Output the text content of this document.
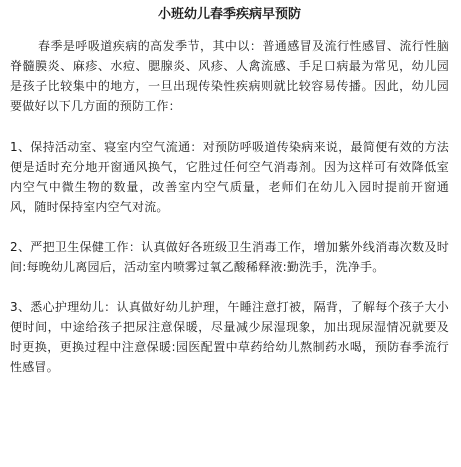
小班幼儿春季疾病早预防

春季是呼吸道疾病的高发季节，其中以：普通感冒及流行性感冒、流行性脑脊髓膜炎、麻疹、水痘、腮腺炎、风疹、人禽流感、手足口病最为常见，幼儿园是孩子比较集中的地方，一旦出现传染性疾病则就比较容易传播。因此，幼儿园要做好以下几方面的预防工作：

1、保持活动室、寝室内空气流通：对预防呼吸道传染病来说，最简便有效的方法便是适时充分地开窗通风换气，它胜过任何空气消毒剂。因为这样可有效降低室内空气中微生物的数量，改善室内空气质量，老师们在幼儿入园时提前开窗通风，随时保持室内空气对流。

2、严把卫生保健工作：认真做好各班级卫生消毒工作，增加紫外线消毒次数及时间:每晚幼儿离园后，活动室内喷雾过氧乙酸稀释液:勤洗手，洗净手。

3、悉心护理幼儿：认真做好幼儿护理，午睡注意打被，隔背，了解每个孩子大小便时间，中途给孩子把尿注意保暖，尽量减少尿湿现象，加出现尿湿情况就要及时更换，更换过程中注意保暖:园医配置中草药给幼儿熬制药水喝，预防春季流行性感冒。
